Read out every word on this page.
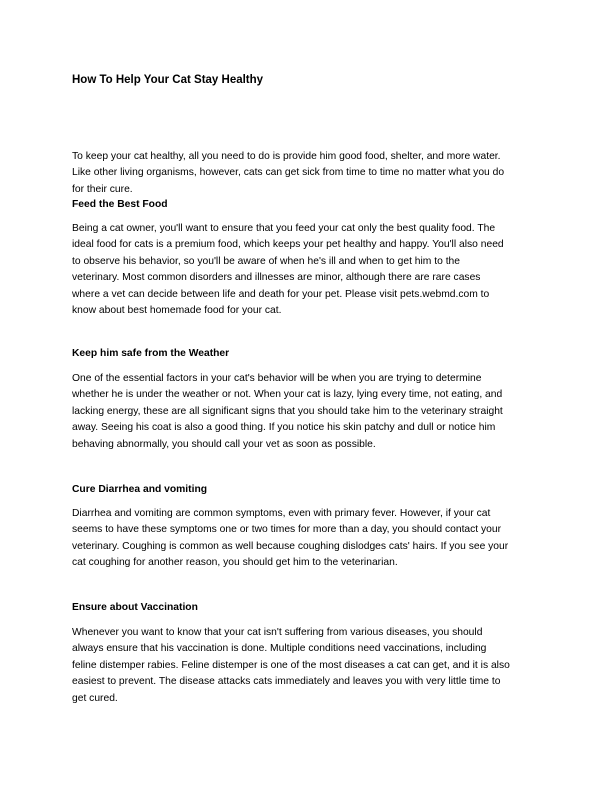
How To Help Your Cat Stay Healthy
To keep your cat healthy, all you need to do is provide him good food, shelter, and more water.
Like other living organisms, however, cats can get sick from time to time no matter what you do
for their cure.
Feed the Best Food
Being a cat owner, you'll want to ensure that you feed your cat only the best quality food. The
ideal food for cats is a premium food, which keeps your pet healthy and happy. You'll also need
to observe his behavior, so you'll be aware of when he's ill and when to get him to the
veterinary. Most common disorders and illnesses are minor, although there are rare cases
where a vet can decide between life and death for your pet. Please visit pets.webmd.com to
know about best homemade food for your cat.
Keep him safe from the Weather
One of the essential factors in your cat's behavior will be when you are trying to determine
whether he is under the weather or not. When your cat is lazy, lying every time, not eating, and
lacking energy, these are all significant signs that you should take him to the veterinary straight
away. Seeing his coat is also a good thing. If you notice his skin patchy and dull or notice him
behaving abnormally, you should call your vet as soon as possible.
Cure Diarrhea and vomiting
Diarrhea and vomiting are common symptoms, even with primary fever. However, if your cat
seems to have these symptoms one or two times for more than a day, you should contact your
veterinary. Coughing is common as well because coughing dislodges cats' hairs. If you see your
cat coughing for another reason, you should get him to the veterinarian.
Ensure about Vaccination
Whenever you want to know that your cat isn't suffering from various diseases, you should
always ensure that his vaccination is done. Multiple conditions need vaccinations, including
feline distemper rabies. Feline distemper is one of the most diseases a cat can get, and it is also
easiest to prevent. The disease attacks cats immediately and leaves you with very little time to
get cured.
